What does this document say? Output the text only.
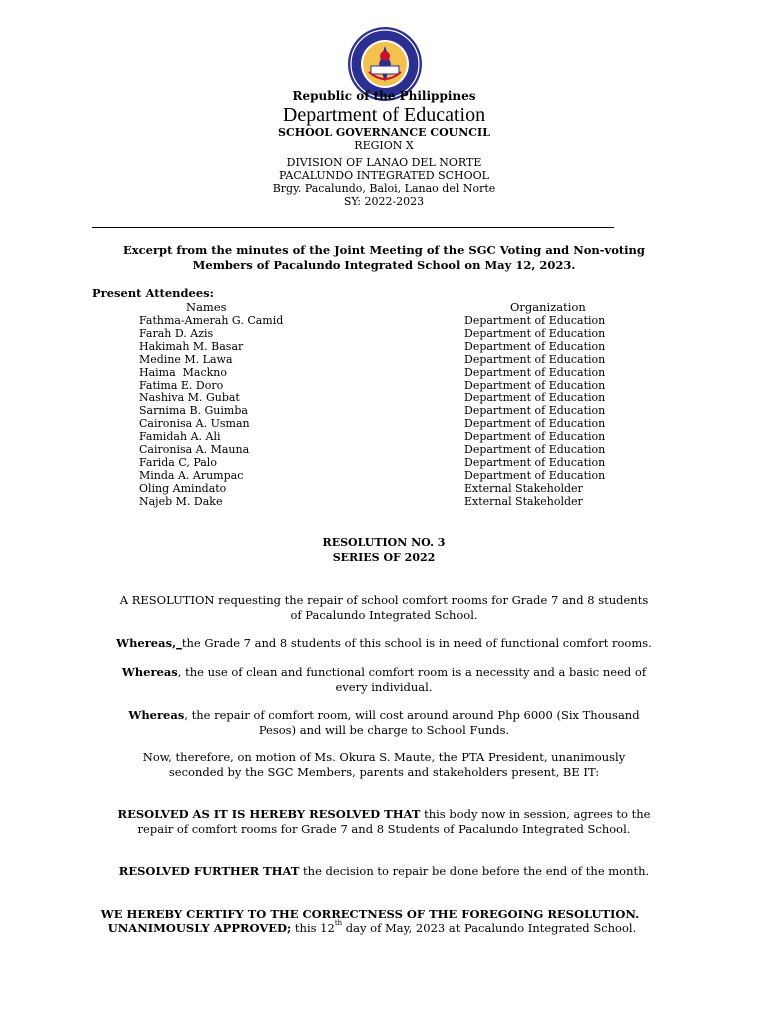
Republic of the Philippines
Department of Education
SCHOOL GOVERNANCE COUNCIL
REGION X
DIVISION OF LANAO DEL NORTE
PACALUNDO INTEGRATED SCHOOL
Brgy. Pacalundo, Baloi, Lanao del Norte
SY: 2022-2023
Excerpt from the minutes of the Joint Meeting of the SGC Voting and Non-voting
Members of Pacalundo Integrated School on May 12, 2023.
Present Attendees:
Names	Organization
Fathma-Amerah G. Camid	Department of Education
Farah D. Azis	Department of Education
Hakimah M. Basar	Department of Education
Medine M. Lawa	Department of Education
Haima  Mackno	Department of Education
Fatima E. Doro	Department of Education
Nashiva M. Gubat	Department of Education
Sarnima B. Guimba	Department of Education
Caironisa A. Usman	Department of Education
Famidah A. Ali	Department of Education
Caironisa A. Mauna	Department of Education
Farida C, Palo	Department of Education
Minda A. Arumpac	Department of Education
Oling Amindato	External Stakeholder
Najeb M. Dake	External Stakeholder
RESOLUTION NO. 3
SERIES OF 2022
A RESOLUTION requesting the repair of school comfort rooms for Grade 7 and 8 students
of Pacalundo Integrated School.
Whereas,_the Grade 7 and 8 students of this school is in need of functional comfort rooms.
Whereas, the use of clean and functional comfort room is a necessity and a basic need of
every individual.
Whereas, the repair of comfort room, will cost around around Php 6000 (Six Thousand
Pesos) and will be charge to School Funds.
Now, therefore, on motion of Ms. Okura S. Maute, the PTA President, unanimously
seconded by the SGC Members, parents and stakeholders present, BE IT:
RESOLVED AS IT IS HEREBY RESOLVED THAT this body now in session, agrees to the
repair of comfort rooms for Grade 7 and 8 Students of Pacalundo Integrated School.
RESOLVED FURTHER THAT the decision to repair be done before the end of the month.
WE HEREBY CERTIFY TO THE CORRECTNESS OF THE FOREGOING RESOLUTION.
UNANIMOUSLY APPROVED; this 12th day of May, 2023 at Pacalundo Integrated School.
